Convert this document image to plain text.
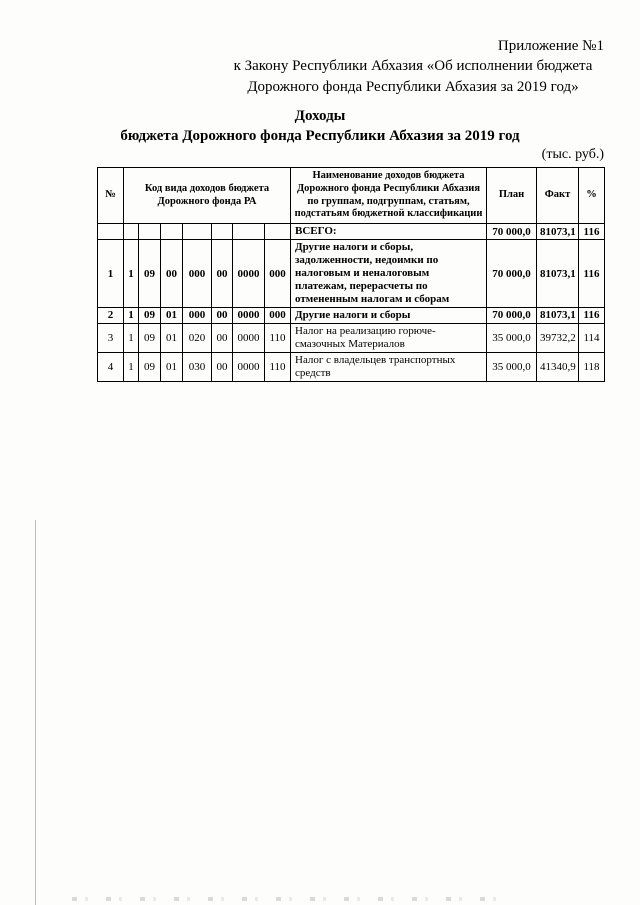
Приложение №1
к Закону Республики Абхазия «Об исполнении бюджета
Дорожного фонда Республики Абхазия за 2019 год»
Доходы
бюджета Дорожного фонда Республики Абхазия за 2019 год
(тыс. руб.)
№	Код вида доходов бюджета Дорожного фонда РА							Наименование доходов бюджета Дорожного фонда Республики Абхазия по группам, подгруппам, статьям, подстатьям бюджетной классификации	План	Факт	%
								ВСЕГО:	70 000,0	81073,1	116
1	1	09	00	000	00	0000	000	Другие налоги и сборы, задолженности, недоимки по налоговым и неналоговым платежам, перерасчеты по отмененным налогам и сборам	70 000,0	81073,1	116
2	1	09	01	000	00	0000	000	Другие налоги и сборы	70 000,0	81073,1	116
3	1	09	01	020	00	0000	110	Налог на реализацию горюче-смазочных Материалов	35 000,0	39732,2	114
4	1	09	01	030	00	0000	110	Налог с владельцев транспортных средств	35 000,0	41340,9	118
